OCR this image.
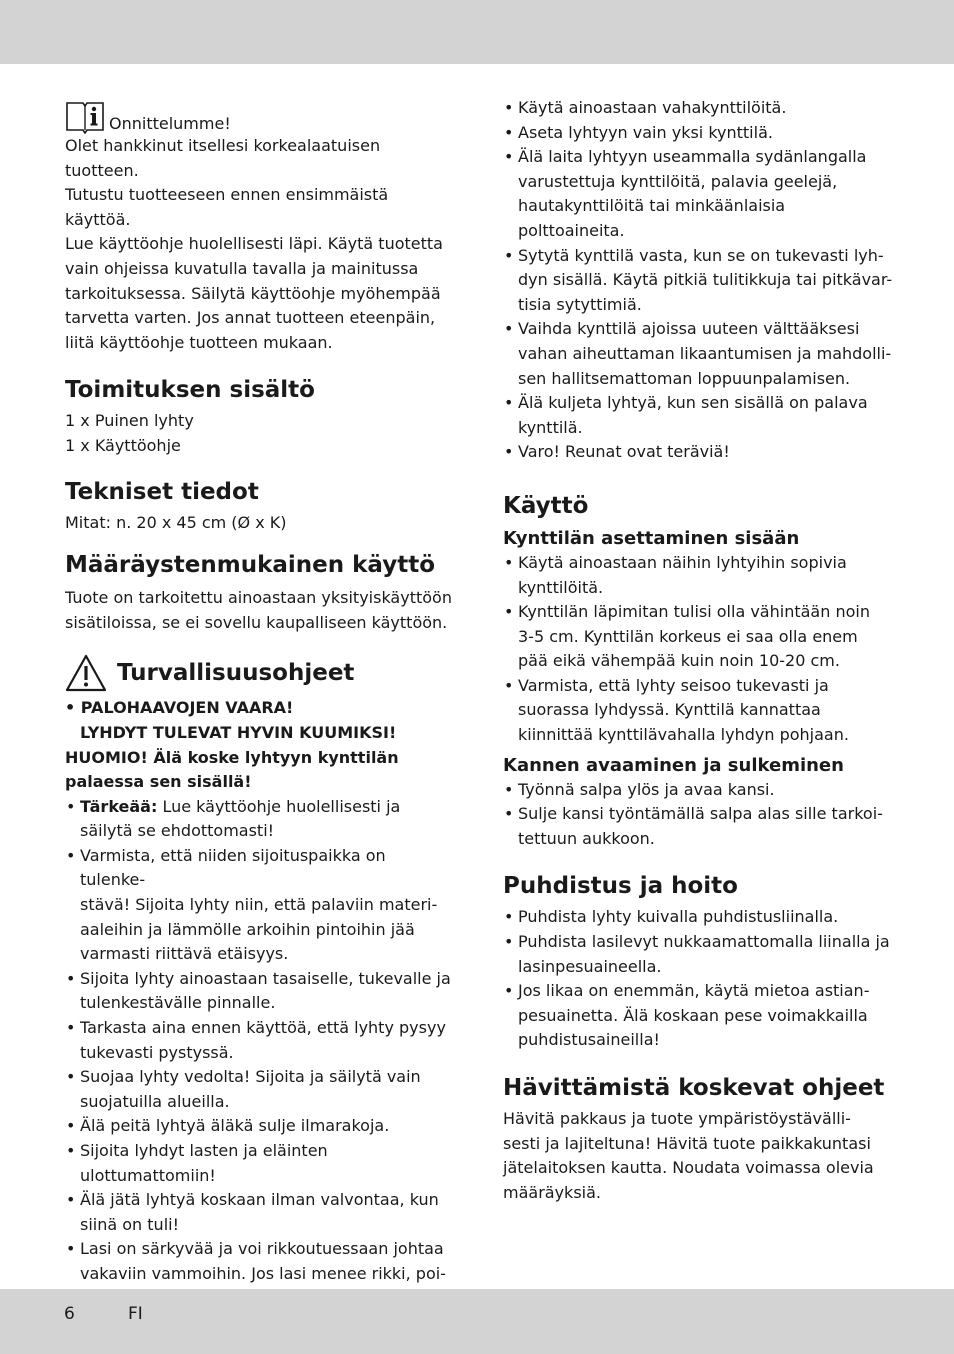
Onnittelumme!

Olet hankkinut itsellesi korkealaatuisen tuotteen.
Tutustu tuotteeseen ennen ensimmäistä käyttöä.
Lue käyttöohje huolellisesti läpi. Käytä tuotetta
vain ohjeissa kuvatulla tavalla ja mainitussa
tarkoituksessa. Säilytä käyttöohje myöhempää
tarvetta varten. Jos annat tuotteen eteenpäin,
liitä käyttöohje tuotteen mukaan.

Toimituksen sisältö

1 x Puinen lyhty

1 x Käyttöohje

Tekniset tiedot

Mitat: n. 20 x 45 cm (Ø x K)

Määräystenmukainen käyttö

Tuote on tarkoitettu ainoastaan yksityiskäyttöön
sisätiloissa, se ei sovellu kaupalliseen käyttöön.

Turvallisuusohjeet

• PALOHAAVOJEN VAARA!

LYHDYT TULEVAT HYVIN KUUMIKSI!

HUOMIO! Älä koske lyhtyyn kynttilän
palaessa sen sisällä!

• Tärkeää: Lue käyttöohje huolellisesti ja
säilytä se ehdottomasti!
• Varmista, että niiden sijoituspaikka on tulenke-
stävä! Sijoita lyhty niin, että palaviin materi-
aaleihin ja lämmölle arkoihin pintoihin jää
varmasti riittävä etäisyys.
• Sijoita lyhty ainoastaan tasaiselle, tukevalle ja
tulenkestävälle pinnalle.
• Tarkasta aina ennen käyttöä, että lyhty pysyy
tukevasti pystyssä.
• Suojaa lyhty vedolta! Sijoita ja säilytä vain
suojatuilla alueilla.
• Älä peitä lyhtyä äläkä sulje ilmarakoja.
• Sijoita lyhdyt lasten ja eläinten ulottumattomiin!
• Älä jätä lyhtyä koskaan ilman valvontaa, kun
siinä on tuli!
• Lasi on särkyvää ja voi rikkoutuessaan johtaa
vakaviin vammoihin. Jos lasi menee rikki, poi-

• Käytä ainoastaan vahakynttilöitä.
• Aseta lyhtyyn vain yksi kynttilä.
• Älä laita lyhtyyn useammalla sydänlangalla
varustettuja kynttilöitä, palavia geelejä,
hautakynttilöitä tai minkäänlaisia polttoaineita.
• Sytytä kynttilä vasta, kun se on tukevasti lyh-
dyn sisällä. Käytä pitkiä tulitikkuja tai pitkävar-
tisia sytyttimiä.
• Vaihda kynttilä ajoissa uuteen välttääksesi
vahan aiheuttaman likaantumisen ja mahdolli-
sen hallitsemattoman loppuunpalamisen.
• Älä kuljeta lyhtyä, kun sen sisällä on palava
kynttilä.
• Varo! Reunat ovat teräviä!
Käyttö
Kynttilän asettaminen sisään
• Käytä ainoastaan näihin lyhtyihin sopivia
kynttilöitä.
• Kynttilän läpimitan tulisi olla vähintään noin
3-5 cm. Kynttilän korkeus ei saa olla enem
pää eikä vähempää kuin noin 10-20 cm.
• Varmista, että lyhty seisoo tukevasti ja
suorassa lyhdyssä. Kynttilä kannattaa
kiinnittää kynttilävahalla lyhdyn pohjaan.
Kannen avaaminen ja sulkeminen
• Työnnä salpa ylös ja avaa kansi.
• Sulje kansi työntämällä salpa alas sille tarkoi-
tettuun aukkoon.
Puhdistus ja hoito
• Puhdista lyhty kuivalla puhdistusliinalla.
• Puhdista lasilevyt nukkaamattomalla liinalla ja
lasinpesuaineella.
• Jos likaa on enemmän, käytä mietoa astian-
pesuainetta. Älä koskaan pese voimakkailla
puhdistusaineilla!
Hävittämistä koskevat ohjeet

Hävitä pakkaus ja tuote ympäristöystävälli-
sesti ja lajiteltuna! Hävitä tuote paikkakuntasi
jätelaitoksen kautta. Noudata voimassa olevia
määräyksiä.

6	FI
